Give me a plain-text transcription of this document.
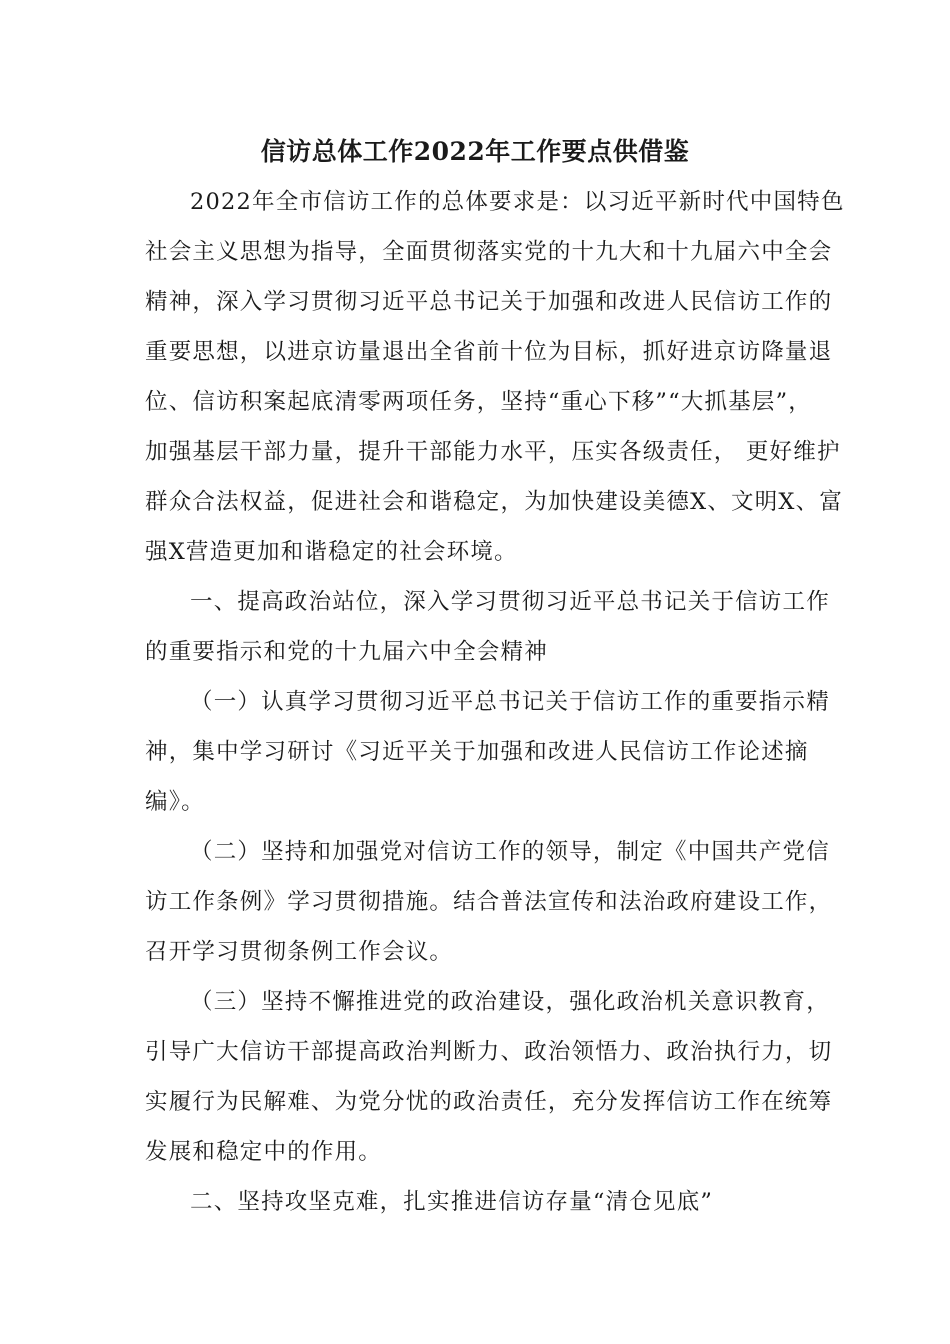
信访总体工作2022年工作要点供借鉴

2022年全市信访工作的总体要求是：以习近平新时代中国特色
社会主义思想为指导，全面贯彻落实党的十九大和十九届六中全会
精神，深入学习贯彻习近平总书记关于加强和改进人民信访工作的
重要思想，以进京访量退出全省前十位为目标，抓好进京访降量退
位、信访积案起底清零两项任务，坚持“重心下移”“大抓基层”，
加强基层干部力量，提升干部能力水平，压实各级责任， 更好维护
群众合法权益，促进社会和谐稳定，为加快建设美德X、文明X、富
强X营造更加和谐稳定的社会环境。

一、提高政治站位，深入学习贯彻习近平总书记关于信访工作
的重要指示和党的十九届六中全会精神

（一）认真学习贯彻习近平总书记关于信访工作的重要指示精
神，集中学习研讨《习近平关于加强和改进人民信访工作论述摘
编》。

（二）坚持和加强党对信访工作的领导，制定《中国共产党信
访工作条例》学习贯彻措施。结合普法宣传和法治政府建设工作，
召开学习贯彻条例工作会议。

（三）坚持不懈推进党的政治建设，强化政治机关意识教育，
引导广大信访干部提高政治判断力、政治领悟力、政治执行力，切
实履行为民解难、为党分忧的政治责任，充分发挥信访工作在统筹
发展和稳定中的作用。

二、坚持攻坚克难，扎实推进信访存量“清仓见底”
